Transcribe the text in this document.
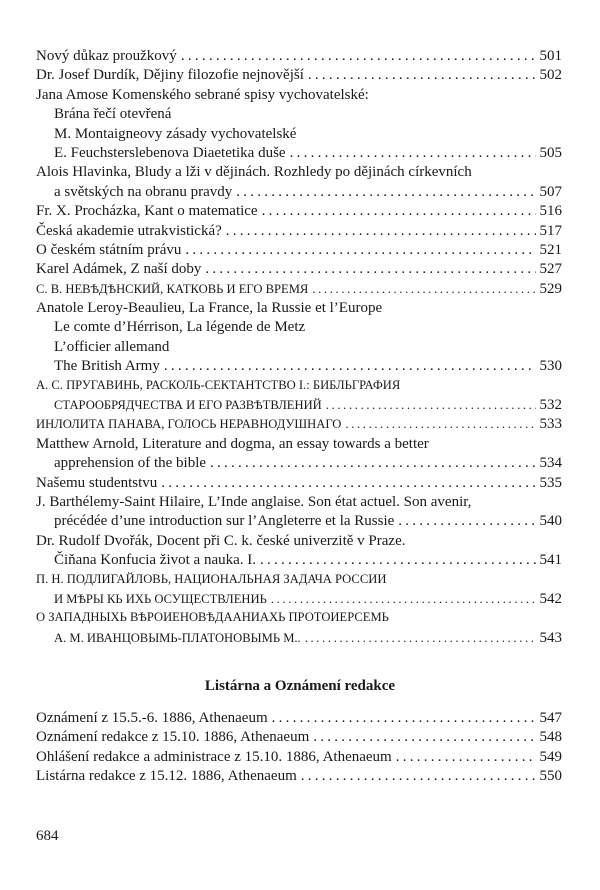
Nový důkaz proužkový . . .	501
Dr. Josef Durdík, Dějiny filozofie nejnovější . . .	502
Jana Amose Komenského sebrané spisy vychovatelské:
Brána řečí otevřená
M. Montaigneovy zásady vychovatelské
E. Feuchsterslebenova Diaetetika duše . . .	505
Alois Hlavinka, Bludy a lži v dějinách. Rozhledy po dějinách církevních
a světských na obranu pravdy . . .	507
Fr. X. Procházka, Kant o matematice . . .	516
Česká akademie utrakvistická? . . .	517
O českém státním právu . . .	521
Karel Adámek, Z naší doby . . .	527
С. В. НЕВѢДѢНСКИЙ, КАТКОВЬ И ЕГО ВРЕМЯ . . .	529
Anatole Leroy-Beaulieu, La France, la Russie et l’Europe
Le comte d’Hérrison, La légende de Metz
L’officier allemand
The British Army . . .	530
А. С. ПРУГАВИНЬ, РАСКОЛЬ-СЕКТАНТСТВО I.: БИБЛЬГРАФИЯ
СТАРООБРЯДЧЕСТВА И ЕГО РАЗВѢТВЛЕНИЙ . . .	532
ИНЛОЛИТА ПАНАВА, ГОЛОСЬ НЕРАВНОДУШНАГО . . .	533
Matthew Arnold, Literature and dogma, an essay towards a better
apprehension of the bible . . .	534
Našemu studentstvu . . .	535
J. Barthélemy-Saint Hilaire, L’Inde anglaise. Son état actuel. Son avenir,
précédée d’une introduction sur l’Angleterre et la Russie . . .	540
Dr. Rudolf Dvořák, Docent při C. k. české univerzitě v Praze.
Čiňana Konfucia život a nauka. I. . . .	541
П. Н. ПОДЛИГАЙЛОВЬ, НАЦИОНАЛЬНАЯ ЗАДАЧА РОССИИ
И МѢРЫ КЬ ИХЬ ОСУЩЕСТВЛЕНИЬ . . .	542
О ЗАПАДНЫХЬ ВѢРОИЕНОВѢДААНИАХЬ ПРОТОИЕРСЕМЬ
А. М. ИВАНЦОВЫМЬ-ПЛАТОНОВЫМЬ М.. . . .	543
Listárna a Oznámení redakce
Oznámení z 15.5.-6. 1886, Athenaeum . . .	547
Oznámení redakce z 15.10. 1886, Athenaeum . . .	548
Ohlášení redakce a administrace z 15.10. 1886, Athenaeum . . .	549
Listárna redakce z 15.12. 1886, Athenaeum . . .	550
684
